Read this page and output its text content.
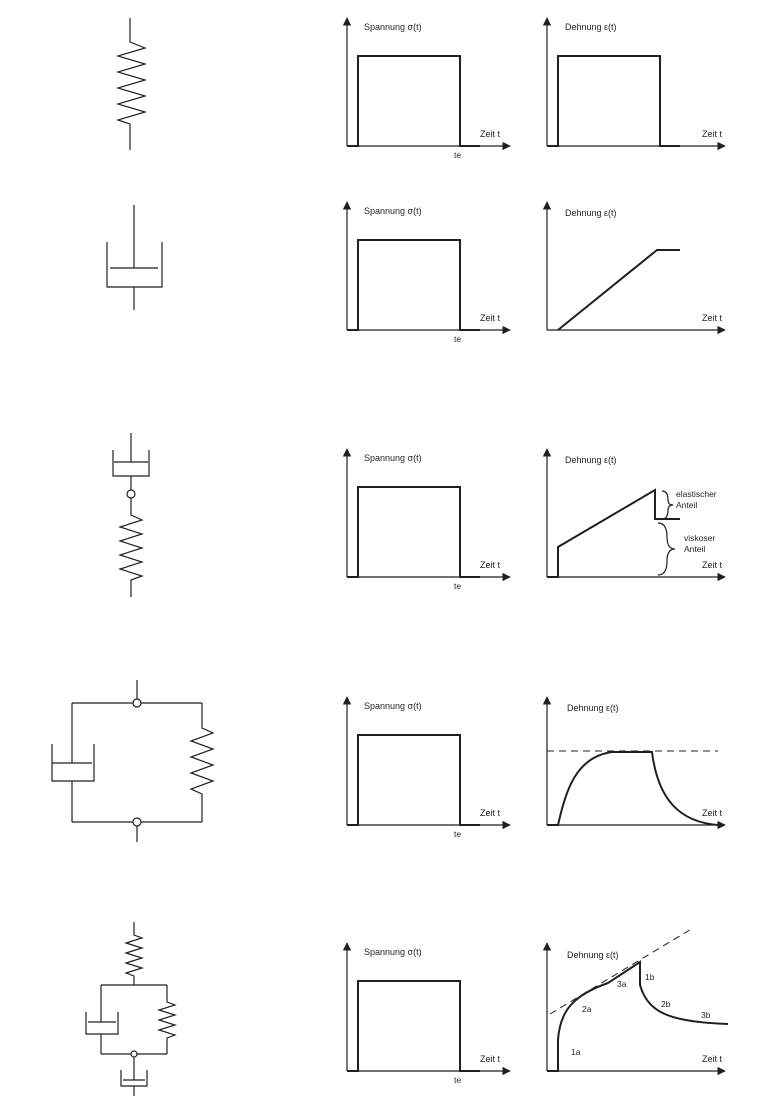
Spannung σ(t)
Zeit t
te
Dehnung ε(t)
Zeit t
Spannung σ(t)
Zeit t
te
Dehnung ε(t)
Zeit t
Spannung σ(t)
Zeit t
te
Dehnung ε(t)
Zeit t
elastischer
Anteil
viskoser
Anteil
Spannung σ(t)
Zeit t
te
Dehnung ε(t)
Zeit t
Spannung σ(t)
Zeit t
te
Dehnung ε(t)
Zeit t
1a
2a
3a
1b
2b
3b
